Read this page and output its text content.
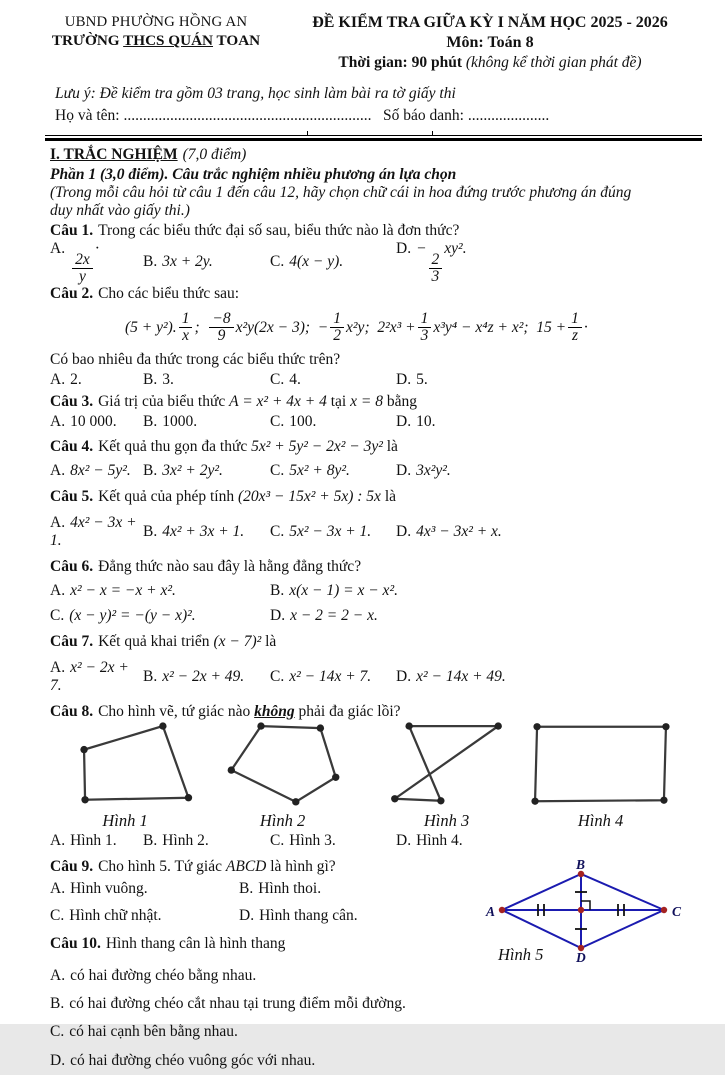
UBND PHƯỜNG HỒNG AN
TRƯỜNG THCS QUÁN TOAN
ĐỀ KIỂM TRA GIỮA KỲ I NĂM HỌC 2025 - 2026
Môn: Toán 8
Thời gian: 90 phút (không kể thời gian phát đề)
Lưu ý: Đề kiểm tra gồm 03 trang, học sinh làm bài ra tờ giấy thi
Họ và tên: ................................................................ Số báo danh: .....................
I. TRẮC NGHIỆM (7,0 điểm)
Phần 1 (3,0 điểm). Câu trắc nghiệm nhiều phương án lựa chọn
(Trong mỗi câu hỏi từ câu 1 đến câu 12, hãy chọn chữ cái in hoa đứng trước phương án đúng
duy nhất vào giấy thi.)

Câu 1. Trong các biểu thức đại số sau, biểu thức nào là đơn thức?

A.
$\frac{2x}{y}$
·
B. 3x + 2y.	C. 4(x − y).
D. −
$\frac{2}{3}$
xy².

Câu 2. Cho các biểu thức sau:

(5 + y²). $\frac{1}{x}$ ; $\frac{-8}{9} x^2y(2x - 3)$;  − $\frac{1}{2} x^2y$;  $2^2x^3 + \frac{1}{3} x^3y^4 - x^4z + x^2$;  $15 + \frac{1}{z}$ ·
Có bao nhiêu đa thức trong các biểu thức trên?
A. 2.	B. 3.	C. 4.	D. 5.

Câu 3. Giá trị của biểu thức A = x² + 4x + 4 tại x = 8 bằng

A. 10 000.	B. 1000.	C. 100.	D. 10.

Câu 4. Kết quả thu gọn đa thức 5x² + 5y² − 2x² − 3y² là

A. 8x² − 5y². B. 3x² + 2y².	C. 5x² + 8y².	D. 3x²y².

Câu 5. Kết quả của phép tính (20x³ − 15x² + 5x) : 5x là

A. 4x² − 3x + 1.
B. 4x² + 3x + 1.	C. 5x² − 3x + 1.	D. 4x³ − 3x² + x.

Câu 6. Đẳng thức nào sau đây là hằng đẳng thức?

A. x² − x = −x + x².	B. x(x − 1) = x − x².
C. (x − y)² = −(y − x)².	D. x − 2 = 2 − x.

Câu 7. Kết quả khai triển (x − 7)² là

A. x² − 2x + 7.
B. x² − 2x + 49.	C. x² − 14x + 7.	D. x² − 14x + 49.

Câu 8. Cho hình vẽ, tứ giác nào không phải đa giác lồi?

Hình 1	Hình 2	Hình 3	Hình 4
A. Hình 1.	B. Hình 2.	C. Hình 3.	D. Hình 4.
A
B
C
D
Hình 5

Câu 9. Cho hình 5. Tứ giác ABCD là hình gì?

A. Hình vuông.	B. Hình thoi.
C. Hình chữ nhật.	D. Hình thang cân.

Câu 10. Hình thang cân là hình thang

A. có hai đường chéo bằng nhau.
B. có hai đường chéo cắt nhau tại trung điểm mỗi đường.
C. có hai cạnh bên bằng nhau.
D. có hai đường chéo vuông góc với nhau.
